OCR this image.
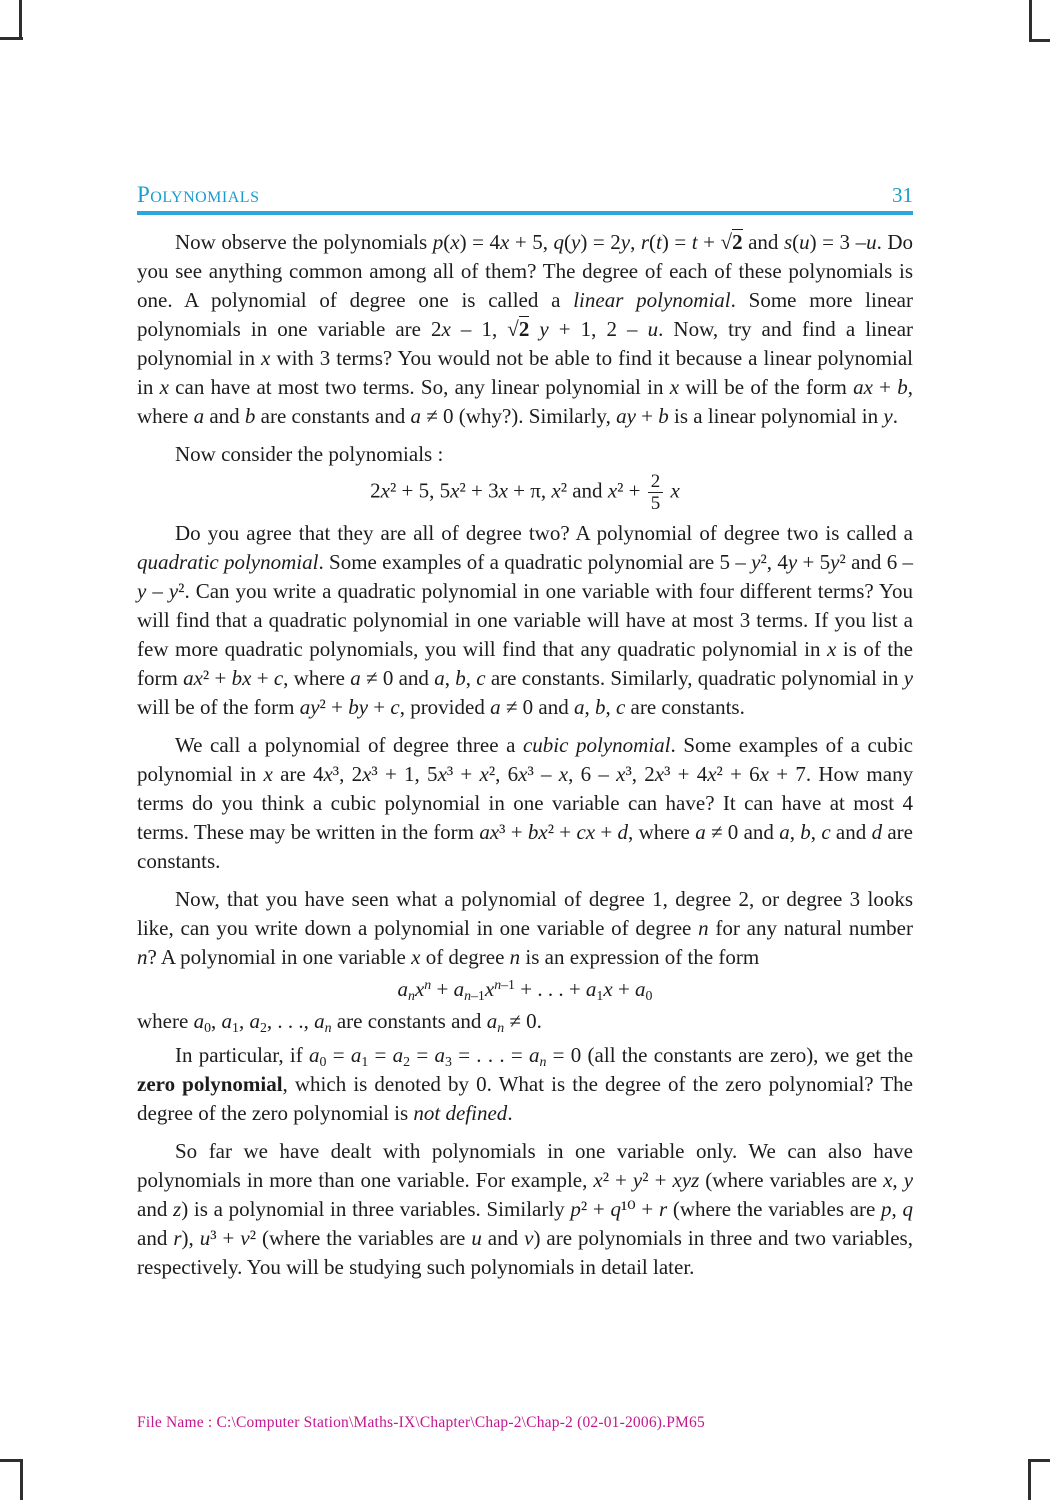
Polynomials	31

Now observe the polynomials p(x) = 4x + 5, q(y) = 2y, r(t) = t + √2 and s(u) = 3 –u. Do you see anything common among all of them? The degree of each of these polynomials is one. A polynomial of degree one is called a linear polynomial. Some more linear polynomials in one variable are 2x – 1, √2 y + 1, 2 – u. Now, try and find a linear polynomial in x with 3 terms? You would not be able to find it because a linear polynomial in x can have at most two terms. So, any linear polynomial in x will be of the form ax + b, where a and b are constants and a ≠ 0 (why?). Similarly, ay + b is a linear polynomial in y.

Now consider the polynomials :

2x² + 5, 5x² + 3x + π, x² and $x^2 + \frac{2}{5}$ x

Do you agree that they are all of degree two? A polynomial of degree two is called a quadratic polynomial. Some examples of a quadratic polynomial are 5 – y², 4y + 5y² and 6 – y – y². Can you write a quadratic polynomial in one variable with four different terms? You will find that a quadratic polynomial in one variable will have at most 3 terms. If you list a few more quadratic polynomials, you will find that any quadratic polynomial in x is of the form ax² + bx + c, where a ≠ 0 and a, b, c are constants. Similarly, quadratic polynomial in y will be of the form ay² + by + c, provided a ≠ 0 and a, b, c are constants.

We call a polynomial of degree three a cubic polynomial. Some examples of a cubic polynomial in x are 4x³, 2x³ + 1, 5x³ + x², 6x³ – x, 6 – x³, 2x³ + 4x² + 6x + 7. How many terms do you think a cubic polynomial in one variable can have? It can have at most 4 terms. These may be written in the form ax³ + bx² + cx + d, where a ≠ 0 and a, b, c and d are constants.

Now, that you have seen what a polynomial of degree 1, degree 2, or degree 3 looks like, can you write down a polynomial in one variable of degree n for any natural number n? A polynomial in one variable x of degree n is an expression of the form

$a_nx^n + a_{n-1}x^{n-1}$ + . . . + $a_1x + a_0$

where $a_0$, $a_1$, $a_2$, . . ., $a_n$ are constants and $a_n \ne 0$.

In particular, if $a_0 = a_1 = a_2 = a_3$ = . . . = $a_n = 0$ (all the constants are zero), we get the zero polynomial, which is denoted by 0. What is the degree of the zero polynomial? The degree of the zero polynomial is not defined.

So far we have dealt with polynomials in one variable only. We can also have polynomials in more than one variable. For example, x² + y² + xyz (where variables are x, y and z) is a polynomial in three variables. Similarly p² + q¹⁰ + r (where the variables are p, q and r), u³ + v² (where the variables are u and v) are polynomials in three and two variables, respectively. You will be studying such polynomials in detail later.

File Name : C:\Computer Station\Maths-IX\Chapter\Chap-2\Chap-2 (02-01-2006).PM65
